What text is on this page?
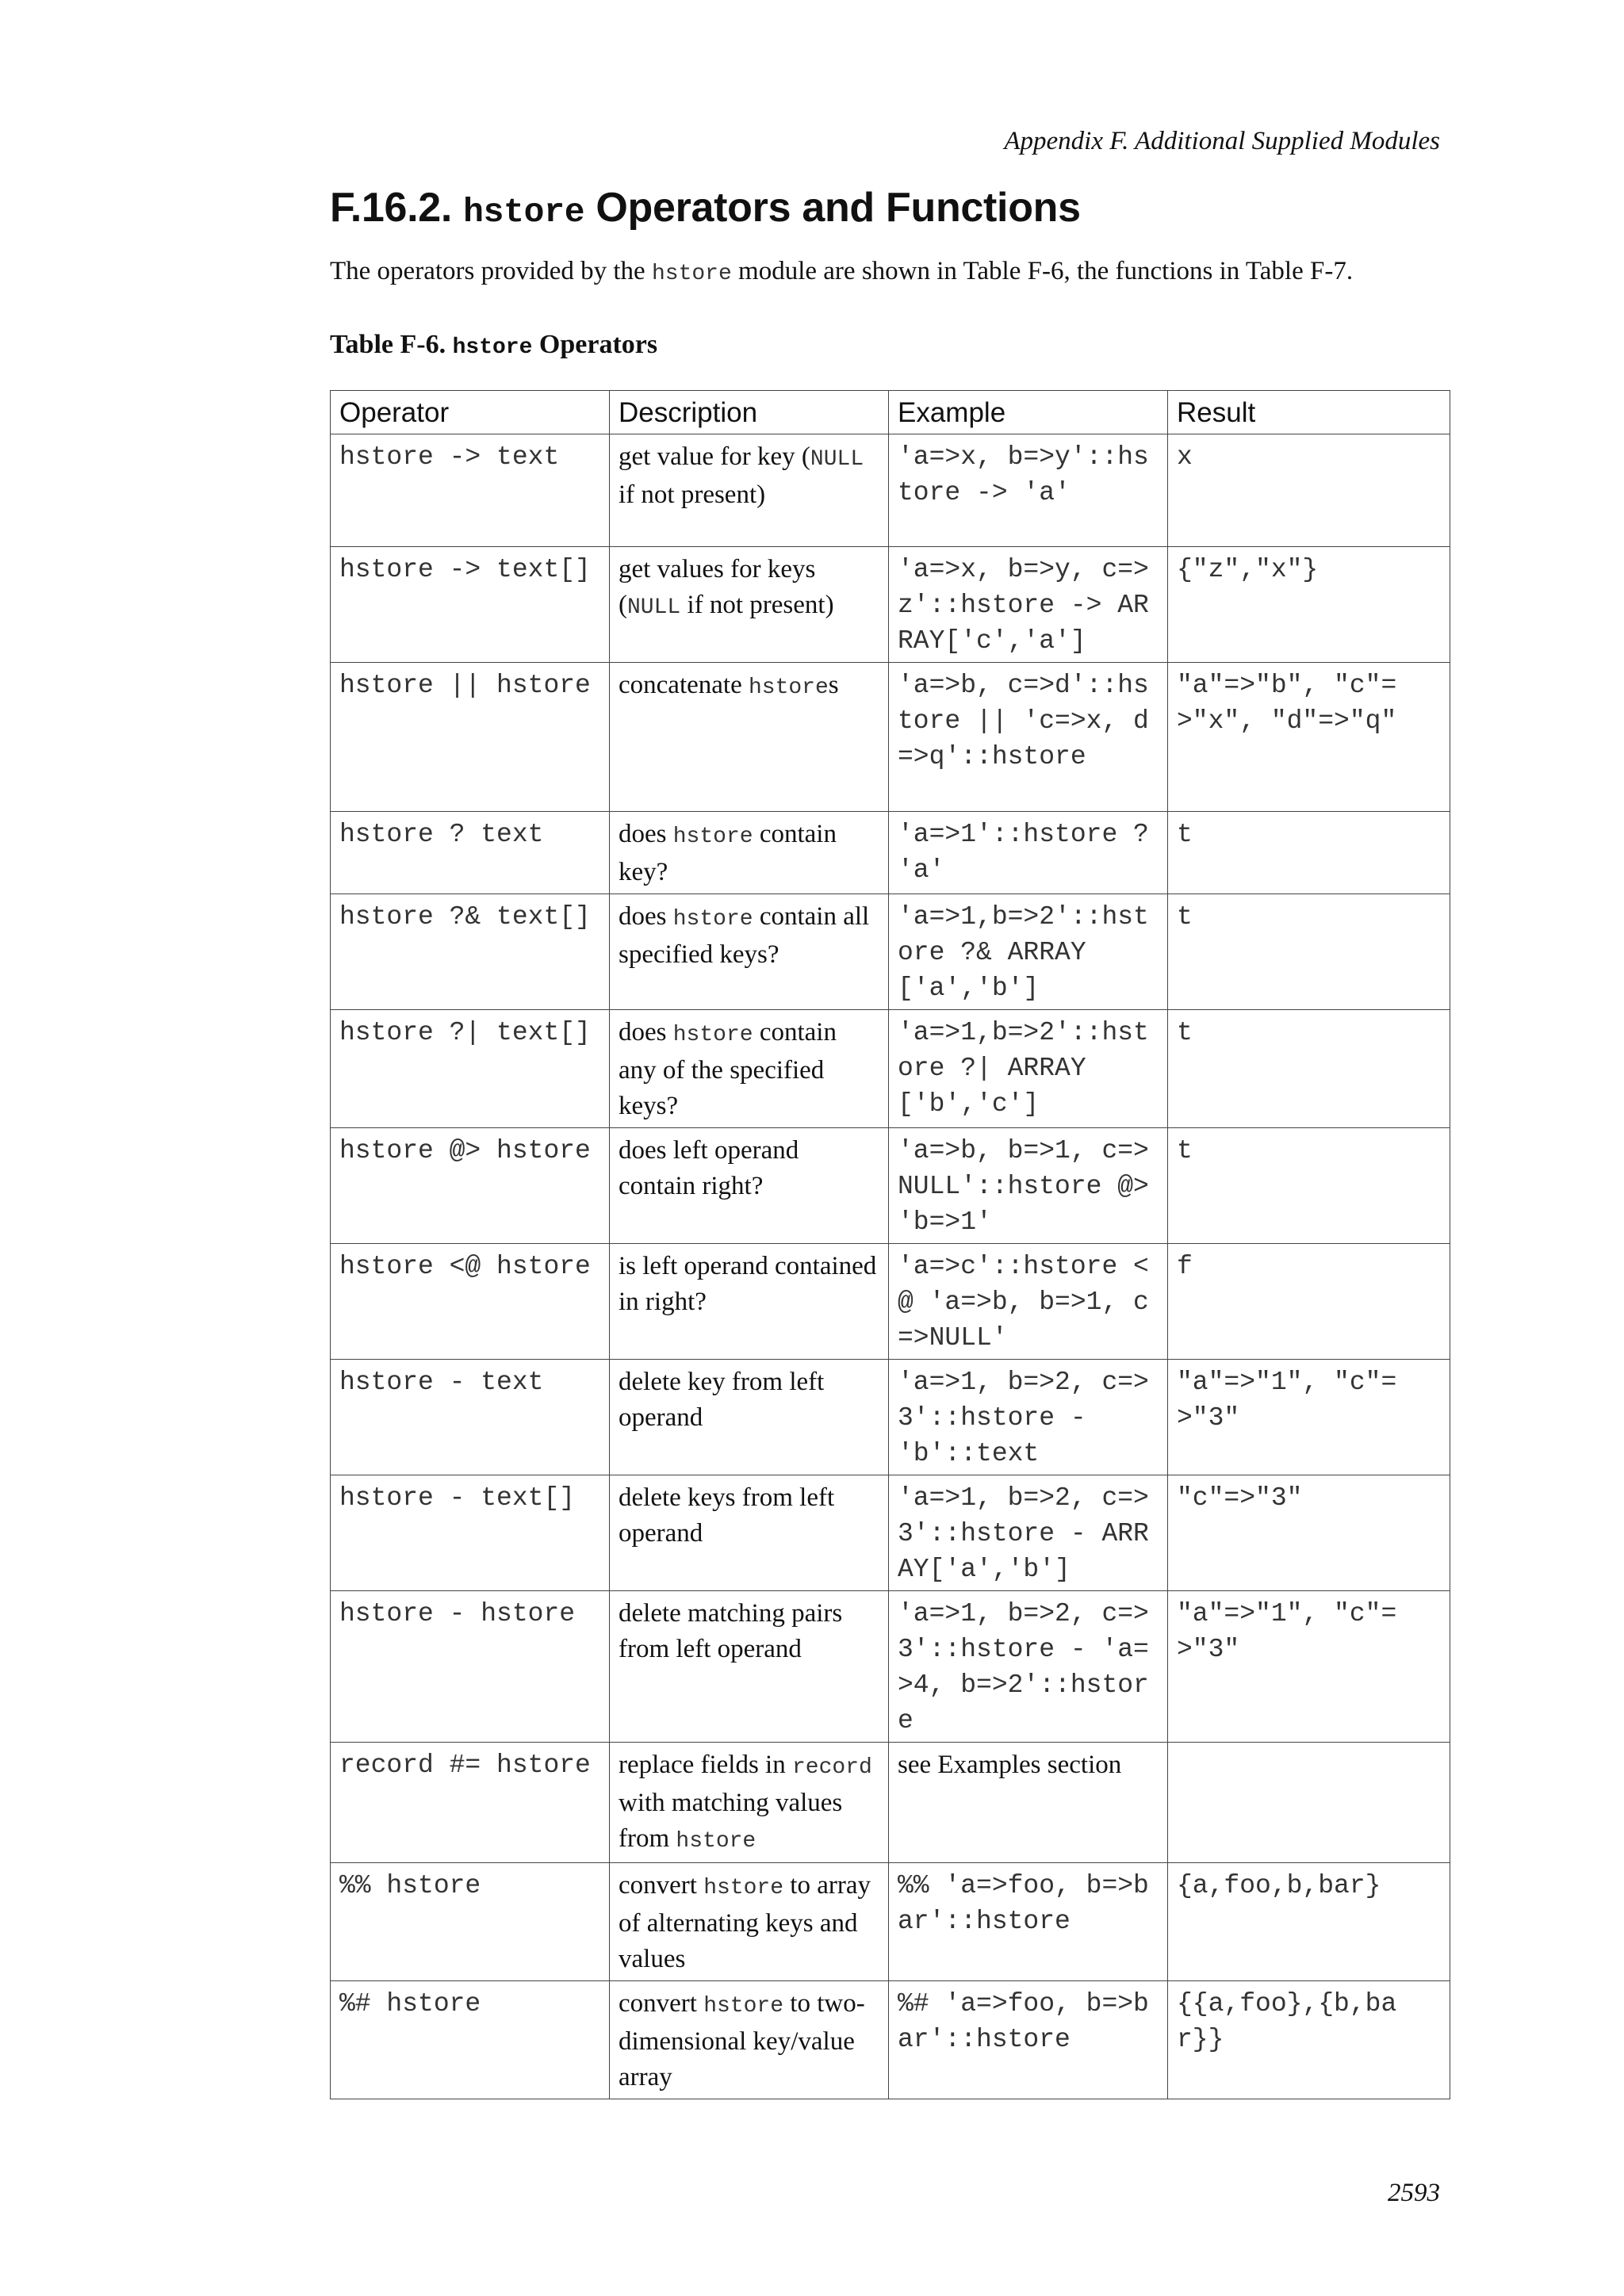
Appendix F. Additional Supplied Modules
F.16.2. hstore Operators and Functions

The operators provided by the hstore module are shown in Table F-6, the functions in Table F-7.

Table F-6. hstore Operators

Operator	Description	Example	Result
hstore -> text	get value for key (NULL if not present)	'a=>x, b=>y'::hstore -> 'a'	x
hstore -> text[]	get values for keys (NULL if not present)	'a=>x, b=>y, c=>z'::hstore -> ARRAY['c','a']	{"z","x"}
hstore || hstore	concatenate hstores	'a=>b, c=>d'::hstore || 'c=>x, d=>q'::hstore	"a"=>"b", "c"=>"x", "d"=>"q"
hstore ? text	does hstore contain key?	'a=>1'::hstore ? 'a'	t
hstore ?& text[]	does hstore contain all specified keys?	'a=>1,b=>2'::hstore ?& ARRAY['a','b']	t
hstore ?| text[]	does hstore contain any of the specified keys?	'a=>1,b=>2'::hstore ?| ARRAY['b','c']	t
hstore @> hstore	does left operand contain right?	'a=>b, b=>1, c=>NULL'::hstore @> 'b=>1'	t
hstore <@ hstore	is left operand contained in right?	'a=>c'::hstore <@ 'a=>b, b=>1, c=>NULL'	f
hstore - text	delete key from left operand	'a=>1, b=>2, c=>3'::hstore - 'b'::text	"a"=>"1", "c"=>"3"
hstore - text[]	delete keys from left operand	'a=>1, b=>2, c=>3'::hstore - ARRAY['a','b']	"c"=>"3"
hstore - hstore	delete matching pairs from left operand	'a=>1, b=>2, c=>3'::hstore - 'a=>4, b=>2'::hstore	"a"=>"1", "c"=>"3"
record #= hstore	replace fields in record with matching values from hstore	see Examples section	
%% hstore	convert hstore to array of alternating keys and values	%% 'a=>foo, b=>bar'::hstore	{a,foo,b,bar}
%# hstore	convert hstore to two-dimensional key/value array	%# 'a=>foo, b=>bar'::hstore	{{a,foo},{b,bar}}
2593
